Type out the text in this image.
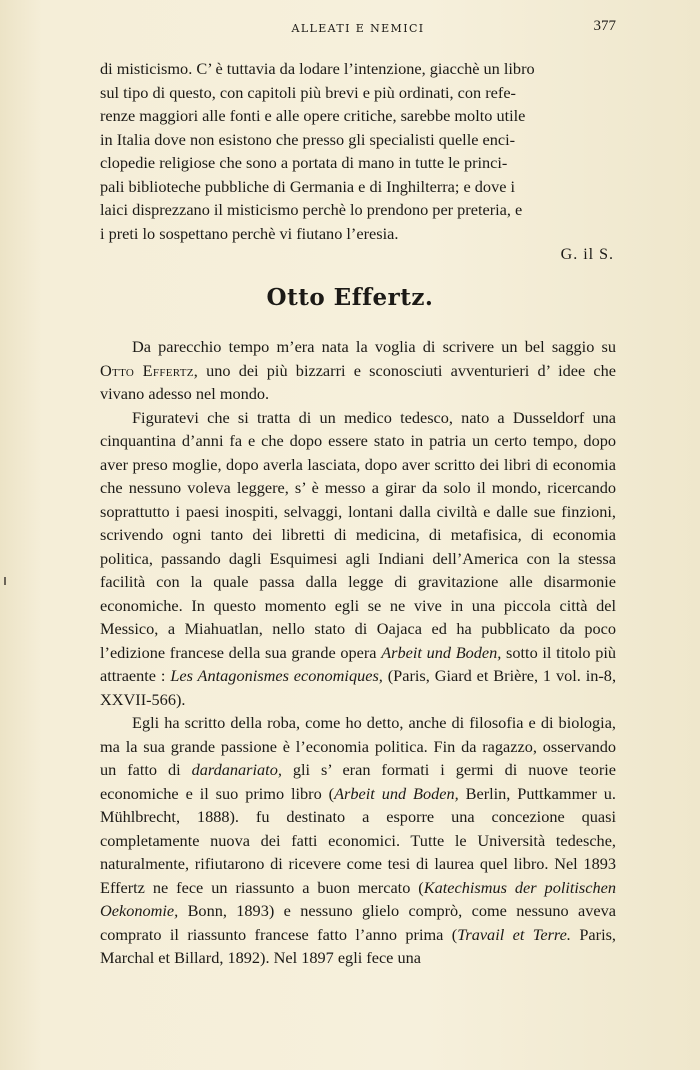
ALLEATI E NEMICI	377

di misticismo. C’ è tuttavia da lodare l’intenzione, giacchè un libro

sul tipo di questo, con capitoli più brevi e più ordinati, con refe-

renze maggiori alle fonti e alle opere critiche, sarebbe molto utile

in Italia dove non esistono che presso gli specialisti quelle enci-

clopedie religiose che sono a portata di mano in tutte le princi-

pali biblioteche pubbliche di Germania e di Inghilterra; e dove i

laici disprezzano il misticismo perchè lo prendono per preteria, e

i preti lo sospettano perchè vi fiutano l’eresia.

G. il S.
Otto Effertz.

Da parecchio tempo m’era nata la voglia di scrivere un bel saggio su Otto Effertz, uno dei più bizzarri e sconosciuti avventurieri d’ idee che vivano adesso nel mondo.

Figuratevi che si tratta di un medico tedesco, nato a Dusseldorf una cinquantina d’anni fa e che dopo essere stato in patria un certo tempo, dopo aver preso moglie, dopo averla lasciata, dopo aver scritto dei libri di economia che nessuno voleva leggere, s’ è messo a girar da solo il mondo, ricercando soprattutto i paesi inospiti, selvaggi, lontani dalla civiltà e dalle sue finzioni, scrivendo ogni tanto dei libretti di medicina, di metafisica, di economia politica, passando dagli Esquimesi agli Indiani dell’America con la stessa facilità con la quale passa dalla legge di gravitazione alle disarmonie economiche. In questo momento egli se ne vive in una piccola città del Messico, a Miahuatlan, nello stato di Oajaca ed ha pubblicato da poco l’edizione francese della sua grande opera Arbeit und Boden, sotto il titolo più attraente : Les Antagonismes economiques, (Paris, Giard et Brière, 1 vol. in-8, XXVII-566).

Egli ha scritto della roba, come ho detto, anche di filosofia e di biologia, ma la sua grande passione è l’economia politica. Fin da ragazzo, osservando un fatto di dardanariato, gli s’ eran formati i germi di nuove teorie economiche e il suo primo libro (Arbeit und Boden, Berlin, Puttkammer u. Mühlbrecht, 1888). fu destinato a esporre una concezione quasi completamente nuova dei fatti economici. Tutte le Università tedesche, naturalmente, rifiutarono di ricevere come tesi di laurea quel libro. Nel 1893 Effertz ne fece un riassunto a buon mercato (Katechismus der politischen Oekonomie, Bonn, 1893) e nessuno glielo comprò, come nessuno aveva comprato il riassunto francese fatto l’anno prima (Travail et Terre. Paris, Marchal et Billard, 1892). Nel 1897 egli fece una
